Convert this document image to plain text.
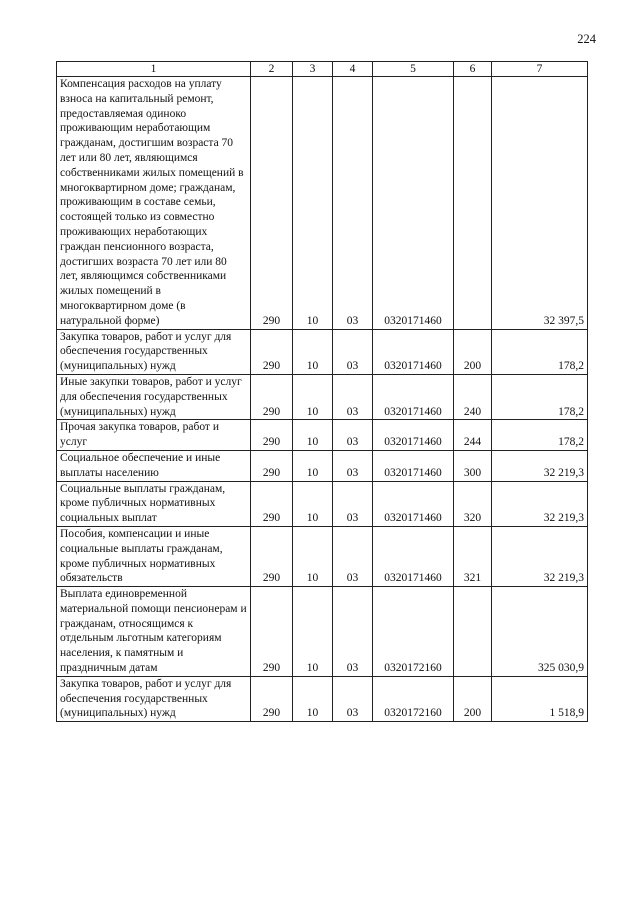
224
1	2	3	4	5	6	7
Компенсация расходов на уплату взноса на капитальный ремонт, предоставляемая одиноко проживающим неработающим гражданам, достигшим возраста 70 лет или 80 лет, являющимся собственниками жилых помещений в многоквартирном доме; гражданам, проживающим в составе семьи, состоящей только из совместно проживающих неработающих граждан пенсионного возраста, достигших возраста 70 лет или 80 лет, являющимся собственниками жилых помещений в многоквартирном доме (в натуральной форме)	290	10	03	0320171460		32 397,5
Закупка товаров, работ и услуг для обеспечения государственных (муниципальных) нужд	290	10	03	0320171460	200	178,2
Иные закупки товаров, работ и услуг для обеспечения государственных (муниципальных) нужд	290	10	03	0320171460	240	178,2
Прочая закупка товаров, работ и услуг	290	10	03	0320171460	244	178,2
Социальное обеспечение и иные выплаты населению	290	10	03	0320171460	300	32 219,3
Социальные выплаты гражданам, кроме публичных нормативных социальных выплат	290	10	03	0320171460	320	32 219,3
Пособия, компенсации и иные социальные выплаты гражданам, кроме публичных нормативных обязательств	290	10	03	0320171460	321	32 219,3
Выплата единовременной материальной помощи пенсионерам и гражданам, относящимся к отдельным льготным категориям населения, к памятным и праздничным датам	290	10	03	0320172160		325 030,9
Закупка товаров, работ и услуг для обеспечения государственных (муниципальных) нужд	290	10	03	0320172160	200	1 518,9
